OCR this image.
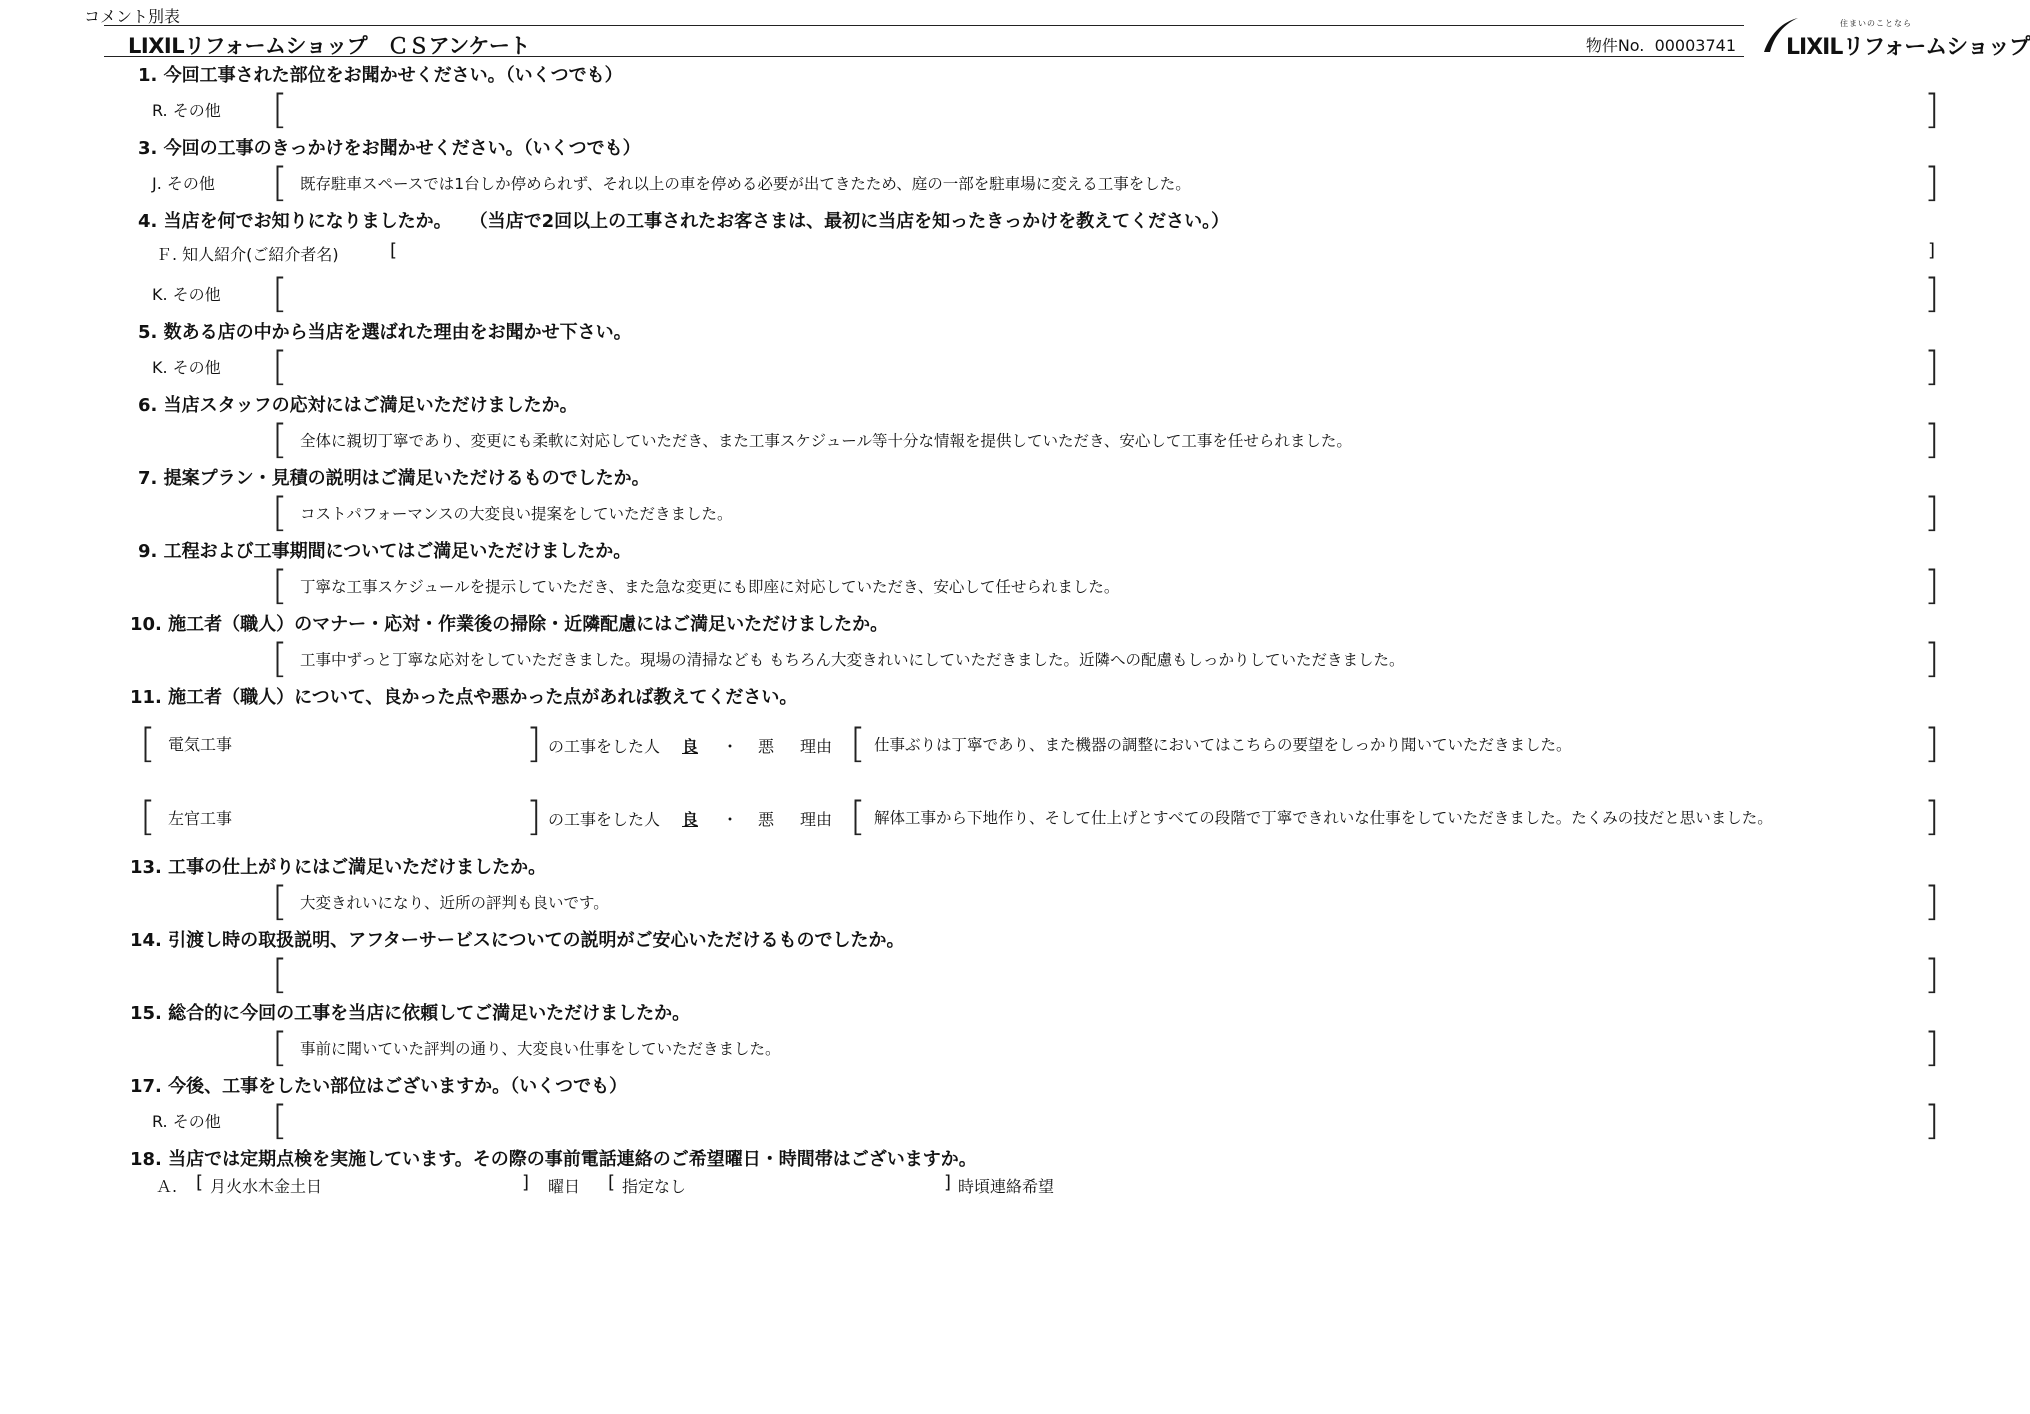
コメント別表
LIXILリフォームショップ　ＣＳアンケート	物件No. 00003741
住まいのことなら
LIXILリフォームショップ
1. 今回工事された部位をお聞かせください。（いくつでも）
R. その他 [	]
3. 今回の工事のきっかけをお聞かせください。（いくつでも）
J. その他 [ 既存駐車スペースでは1台しか停められず、それ以上の車を停める必要が出てきたため、庭の一部を駐車場に変える工事をした。	]
4. 当店を何でお知りになりましたか。　　（当店で2回以上の工事されたお客さまは、最初に当店を知ったきっかけを教えてください。）
Ｆ. 知人紹介(ご紹介者名)	[	]
K. その他 [	]
5. 数ある店の中から当店を選ばれた理由をお聞かせ下さい。
K. その他 [	]
6. 当店スタッフの応対にはご満足いただけましたか。
[ 全体に親切丁寧であり、変更にも柔軟に対応していただき、また工事スケジュール等十分な情報を提供していただき、安心して工事を任せられました。	]
7. 提案プラン・見積の説明はご満足いただけるものでしたか。
[ コストパフォーマンスの大変良い提案をしていただきました。	]
9. 工程および工事期間についてはご満足いただけましたか。
[ 丁寧な工事スケジュールを提示していただき、また急な変更にも即座に対応していただき、安心して任せられました。	]
10. 施工者（職人）のマナー・応対・作業後の掃除・近隣配慮にはご満足いただけましたか。
[ 工事中ずっと丁寧な応対をしていただきました。現場の清掃なども もちろん大変きれいにしていただきました。近隣への配慮もしっかりしていただきました。	]
11. 施工者（職人）について、良かった点や悪かった点があれば教えてください。
[ 電気工事	] の工事をした人 良 ・ 悪 理由 [ 仕事ぶりは丁寧であり、また機器の調整においてはこちらの要望をしっかり聞いていただきました。	]
[ 左官工事	] の工事をした人 良 ・ 悪 理由 [ 解体工事から下地作り、そして仕上げとすべての段階で丁寧できれいな仕事をしていただきました。たくみの技だと思いました。	]
13. 工事の仕上がりにはご満足いただけましたか。
[ 大変きれいになり、近所の評判も良いです。	]
14. 引渡し時の取扱説明、アフターサービスについての説明がご安心いただけるものでしたか。
[	]
15. 総合的に今回の工事を当店に依頼してご満足いただけましたか。
[ 事前に聞いていた評判の通り、大変良い仕事をしていただきました。	]
17. 今後、工事をしたい部位はございますか。（いくつでも）
R. その他 [	]
18. 当店では定期点検を実施しています。その際の事前電話連絡のご希望曜日・時間帯はございますか。
Ａ. [ 月火水木金土日	] 曜日 [ 指定なし	] 時頃連絡希望
